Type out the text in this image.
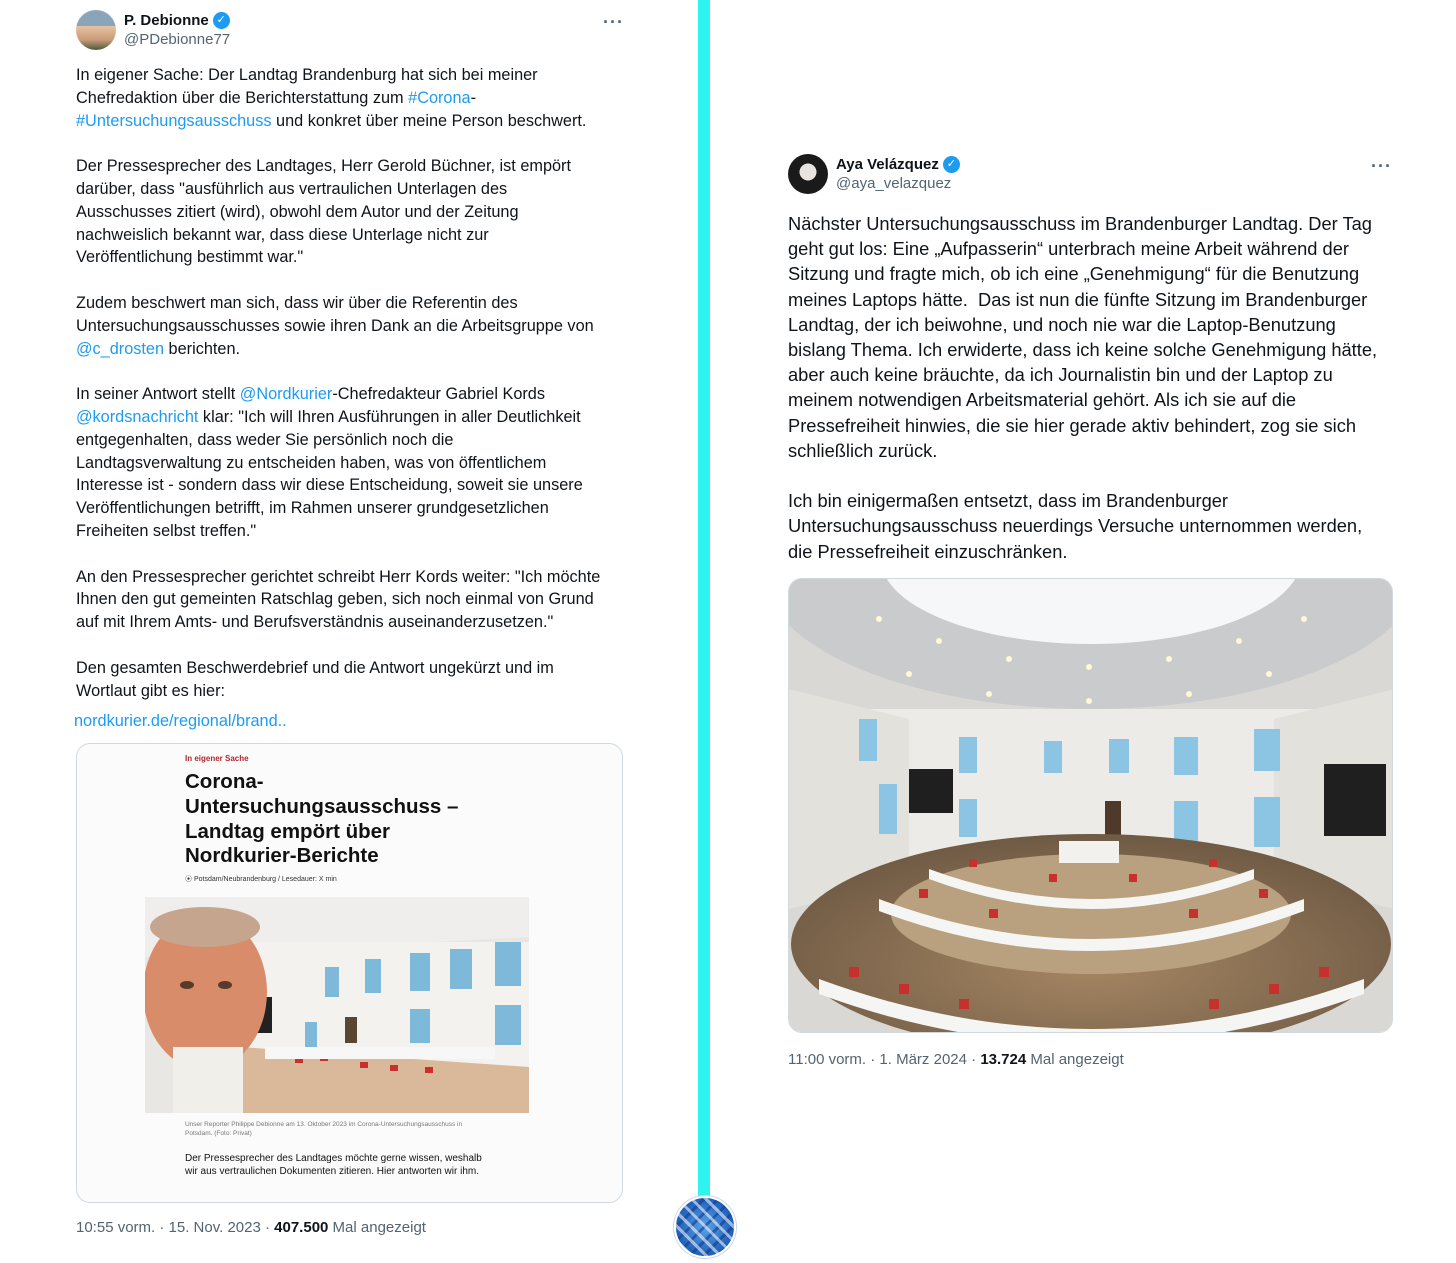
P. Debionne ✓
@PDebionne77
···
In eigener Sache: Der Landtag Brandenburg hat sich bei meiner
Chefredaktion über die Berichterstattung zum #Corona-
#Untersuchungsausschuss und konkret über meine Person beschwert.

Der Pressesprecher des Landtages, Herr Gerold Büchner, ist empört
darüber, dass "ausführlich aus vertraulichen Unterlagen des
Ausschusses zitiert (wird), obwohl dem Autor und der Zeitung
nachweislich bekannt war, dass diese Unterlage nicht zur
Veröffentlichung bestimmt war."

Zudem beschwert man sich, dass wir über die Referentin des
Untersuchungsausschusses sowie ihren Dank an die Arbeitsgruppe von
@c_drosten berichten.

In seiner Antwort stellt @Nordkurier-Chefredakteur Gabriel Kords
@kordsnachricht klar: "Ich will Ihren Ausführungen in aller Deutlichkeit
entgegenhalten, dass weder Sie persönlich noch die
Landtagsverwaltung zu entscheiden haben, was von öffentlichem
Interesse ist - sondern dass wir diese Entscheidung, soweit sie unsere
Veröffentlichungen betrifft, im Rahmen unserer grundgesetzlichen
Freiheiten selbst treffen."

An den Pressesprecher gerichtet schreibt Herr Kords weiter: "Ich möchte
Ihnen den gut gemeinten Ratschlag geben, sich noch einmal von Grund
auf mit Ihrem Amts- und Berufsverständnis auseinanderzusetzen."

Den gesamten Beschwerdebrief und die Antwort ungekürzt und im
Wortlaut gibt es hier:
nordkurier.de/regional/brand..
In eigener Sache
Corona-
Untersuchungsausschuss –
Landtag empört über
Nordkurier-Berichte
⦿ Potsdam/Neubrandenburg / Lesedauer: X min
Unser Reporter Philippe Debionne am 13. Oktober 2023 im Corona-Untersuchungsausschuss in Potsdam. (Foto: Privat)
Der Pressesprecher des Landtages möchte gerne wissen, weshalb wir aus vertraulichen Dokumenten zitieren. Hier antworten wir ihm.
10:55 vorm. · 15. Nov. 2023 · 407.500 Mal angezeigt
Aya Velázquez ✓
@aya_velazquez
···
Nächster Untersuchungsausschuss im Brandenburger Landtag. Der Tag
geht gut los: Eine „Aufpasserin“ unterbrach meine Arbeit während der
Sitzung und fragte mich, ob ich eine „Genehmigung“ für die Benutzung
meines Laptops hätte.  Das ist nun die fünfte Sitzung im Brandenburger
Landtag, der ich beiwohne, und noch nie war die Laptop-Benutzung
bislang Thema. Ich erwiderte, dass ich keine solche Genehmigung hätte,
aber auch keine bräuchte, da ich Journalistin bin und der Laptop zu
meinem notwendigen Arbeitsmaterial gehört. Als ich sie auf die
Pressefreiheit hinwies, die sie hier gerade aktiv behindert, zog sie sich
schließlich zurück.

Ich bin einigermaßen entsetzt, dass im Brandenburger
Untersuchungsausschuss neuerdings Versuche unternommen werden,
die Pressefreiheit einzuschränken.
11:00 vorm. · 1. März 2024 · 13.724 Mal angezeigt
